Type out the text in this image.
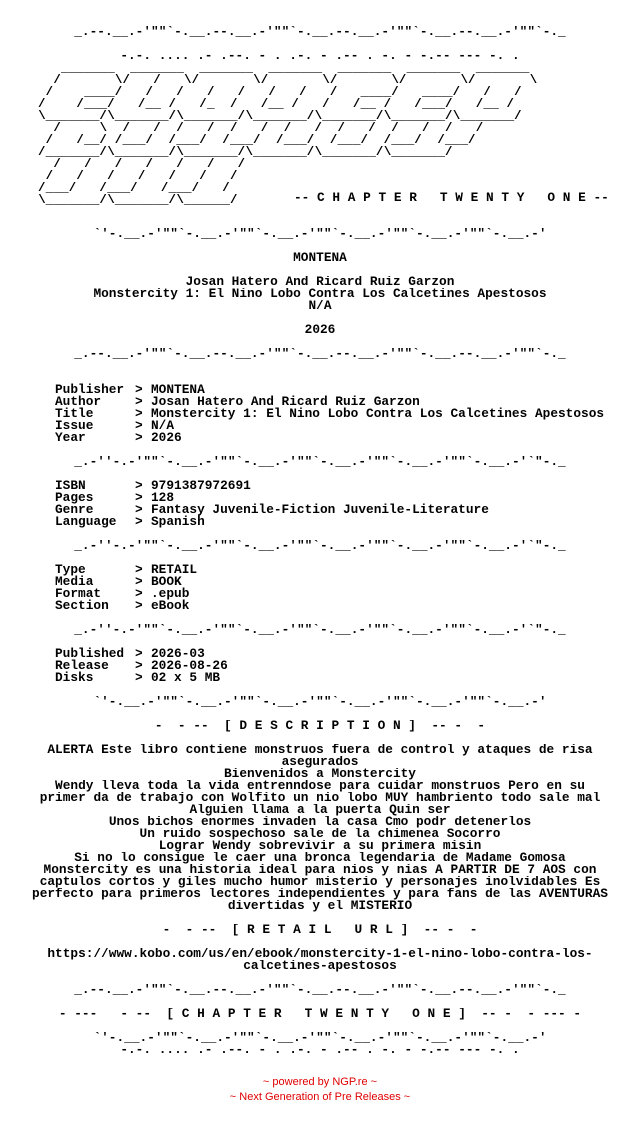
_.--.__.-'""`-.__.--.__.-'""`-.__.--.__.-'""`-.__.--.__.-'""`-._
-.-. .... .- .--. - . .-. - .-- . -. - -.-- --- -. .
_______  _______  _______  _______  _______  _______  _______
/       \/   /   \/       \/       \/       \/       \/       \
/    ____/   /   /   /   /   /   /   /   ____/   ____/   /   /
/    /___/   /__ /   /_  /   /__ /   /   /__ /   /___/   /__ /
\_______/\_______/\_______/\_______/\_______/\_______/\_______/
/     \  /   /  /   /  /   /  /   /  /   /  /   /  /   /
/   /__/ /___/  /___/  /___/  /___/  /___/  /___/  /___/
/_______/\_______/\_______/\_______/\_______/\_______/
/   /   /   /   /   /   /
/   /   /   /   /   /   /
/___/   /___/   /___/   /
\_______/\_______/\______/	-- C H A P T E R   T W E N T Y   O N E --
`'-.__.-'""`-.__.-'""`-.__.-'""`-.__.-'""`-.__.-'""`-.__.-'
MONTENA
Josan Hatero And Ricard Ruiz Garzon
Monstercity 1: El Nino Lobo Contra Los Calcetines Apestosos
N/A
2026
_.--.__.-'""`-.__.--.__.-'""`-.__.--.__.-'""`-.__.--.__.-'""`-._
Publisher > MONTENA
Author	> Josan Hatero And Ricard Ruiz Garzon
Title	> Monstercity 1: El Nino Lobo Contra Los Calcetines Apestosos
Issue	> N/A
Year	> 2026
_.-''-.-'""`-.__.-'""`-.__.-'""`-.__.-'""`-.__.-'""`-.__.-'`"-._
ISBN	> 9791387972691
Pages	> 128
Genre	> Fantasy Juvenile-Fiction Juvenile-Literature
Language > Spanish
_.-''-.-'""`-.__.-'""`-.__.-'""`-.__.-'""`-.__.-'""`-.__.-'`"-._
Type	> RETAIL
Media	> BOOK
Format	> .epub
Section > eBook
_.-''-.-'""`-.__.-'""`-.__.-'""`-.__.-'""`-.__.-'""`-.__.-'`"-._
Published > 2026-03
Release > 2026-08-26
Disks	> 02 x 5 MB
`'-.__.-'""`-.__.-'""`-.__.-'""`-.__.-'""`-.__.-'""`-.__.-'
-  - --  [ D E S C R I P T I O N ]  -- -  -
ALERTA Este libro contiene monstruos fuera de control y ataques de risa
asegurados
Bienvenidos a Monstercity
Wendy lleva toda la vida entrenndose para cuidar monstruos Pero en su
primer da de trabajo con Wolfito un nio lobo MUY hambriento todo sale mal
Alguien llama a la puerta Quin ser
Unos bichos enormes invaden la casa Cmo podr detenerlos
Un ruido sospechoso sale de la chimenea Socorro
Lograr Wendy sobrevivir a su primera misin
Si no lo consigue le caer una bronca legendaria de Madame Gomosa
Monstercity es una historia ideal para nios y nias A PARTIR DE 7 AOS con
captulos cortos y giles mucho humor misterio y personajes inolvidables Es
perfecto para primeros lectores independientes y para fans de las AVENTURAS
divertidas y el MISTERIO
-  - --  [ R E T A I L   U R L ]  -- -  -
https://www.kobo.com/us/en/ebook/monstercity-1-el-nino-lobo-contra-los-
calcetines-apestosos
_.--.__.-'""`-.__.--.__.-'""`-.__.--.__.-'""`-.__.--.__.-'""`-._
- ---   - --  [ C H A P T E R   T W E N T Y   O N E ]  -- -  - --- -
`'-.__.-'""`-.__.-'""`-.__.-'""`-.__.-'""`-.__.-'""`-.__.-'
-.-. .... .- .--. - . .-. - .-- . -. - -.-- --- -. .
~ powered by NGP.re ~
~ Next Generation of Pre Releases ~
